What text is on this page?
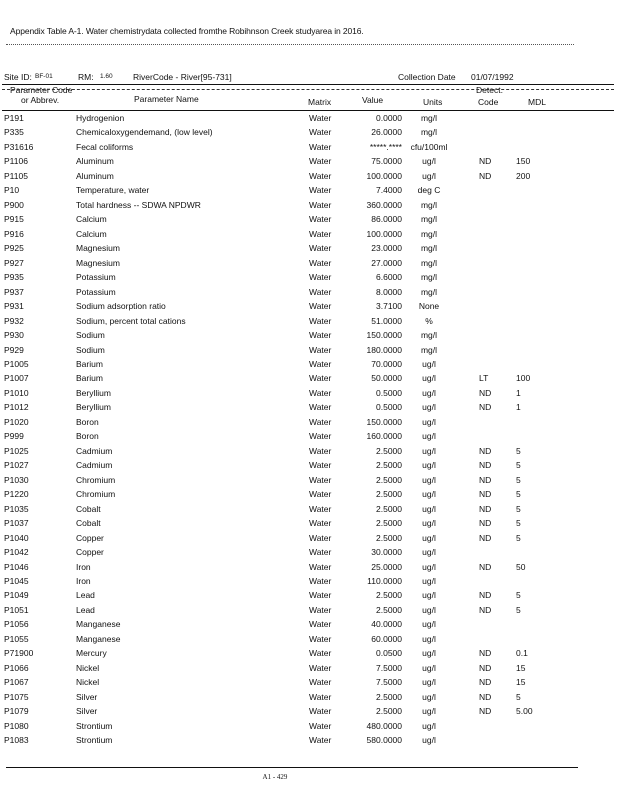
Appendix Table A-1. Water chemistrydata collected fromthe Robihnson Creek studyarea in 2016.
Site ID: BF-01	RM: 1.60 RiverCode - River[95-731]	Collection Date 01/07/1992
Parameter Code
or Abbrev.	Parameter Name	Matrix	Value	Units
Detect.
Code	MDL
P191	Hydrogenion	Water	0.0000	mg/l
P335	Chemicaloxygendemand, (low level)	Water	26.0000	mg/l
P31616	Fecal coliforms	Water	*****.****	cfu/100ml
P1106	Aluminum	Water	75.0000	ug/l	ND	150
P1105	Aluminum	Water	100.0000	ug/l	ND	200
P10	Temperature, water	Water	7.4000	deg C
P900	Total hardness -- SDWA NPDWR	Water	360.0000	mg/l
P915	Calcium	Water	86.0000	mg/l
P916	Calcium	Water	100.0000	mg/l
P925	Magnesium	Water	23.0000	mg/l
P927	Magnesium	Water	27.0000	mg/l
P935	Potassium	Water	6.6000	mg/l
P937	Potassium	Water	8.0000	mg/l
P931	Sodium adsorption ratio	Water	3.7100	None
P932	Sodium, percent total cations	Water	51.0000	%
P930	Sodium	Water	150.0000	mg/l
P929	Sodium	Water	180.0000	mg/l
P1005	Barium	Water	70.0000	ug/l
P1007	Barium	Water	50.0000	ug/l	LT	100
P1010	Beryllium	Water	0.5000	ug/l	ND	1
P1012	Beryllium	Water	0.5000	ug/l	ND	1
P1020	Boron	Water	150.0000	ug/l
P999	Boron	Water	160.0000	ug/l
P1025	Cadmium	Water	2.5000	ug/l	ND	5
P1027	Cadmium	Water	2.5000	ug/l	ND	5
P1030	Chromium	Water	2.5000	ug/l	ND	5
P1220	Chromium	Water	2.5000	ug/l	ND	5
P1035	Cobalt	Water	2.5000	ug/l	ND	5
P1037	Cobalt	Water	2.5000	ug/l	ND	5
P1040	Copper	Water	2.5000	ug/l	ND	5
P1042	Copper	Water	30.0000	ug/l
P1046	Iron	Water	25.0000	ug/l	ND	50
P1045	Iron	Water	110.0000	ug/l
P1049	Lead	Water	2.5000	ug/l	ND	5
P1051	Lead	Water	2.5000	ug/l	ND	5
P1056	Manganese	Water	40.0000	ug/l
P1055	Manganese	Water	60.0000	ug/l
P71900	Mercury	Water	0.0500	ug/l	ND	0.1
P1066	Nickel	Water	7.5000	ug/l	ND	15
P1067	Nickel	Water	7.5000	ug/l	ND	15
P1075	Silver	Water	2.5000	ug/l	ND	5
P1079	Silver	Water	2.5000	ug/l	ND	5.00
P1080	Strontium	Water	480.0000	ug/l
P1083	Strontium	Water	580.0000	ug/l
A1 - 429
